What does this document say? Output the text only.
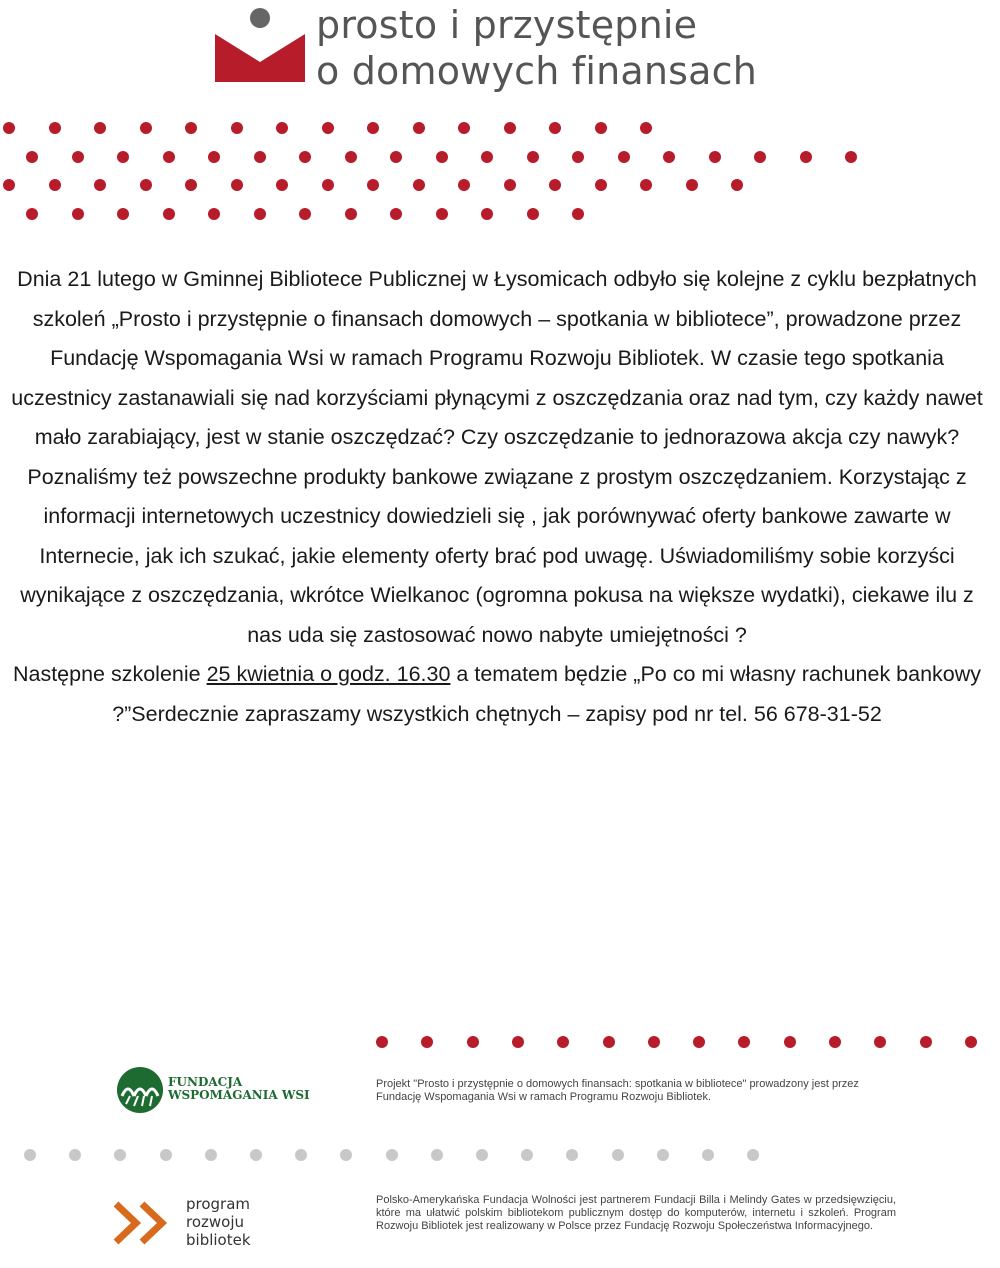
prosto i przystępnie
o domowych finansach

Dnia 21 lutego w Gminnej Bibliotece Publicznej w Łysomicach odbyło się kolejne z cyklu bezpłatnych szkoleń „Prosto i przystępnie o finansach domowych – spotkania w bibliotece”, prowadzone przez Fundację Wspomagania Wsi w ramach Programu Rozwoju Bibliotek. W czasie tego spotkania uczestnicy zastanawiali się nad korzyściami płynącymi z oszczędzania oraz nad tym, czy każdy nawet mało zarabiający, jest w stanie oszczędzać? Czy oszczędzanie to jednorazowa akcja czy nawyk?

Poznaliśmy też powszechne produkty bankowe związane z prostym oszczędzaniem. Korzystając z informacji internetowych uczestnicy dowiedzieli się , jak porównywać oferty bankowe zawarte w Internecie, jak ich szukać, jakie elementy oferty brać pod uwagę. Uświadomiliśmy sobie korzyści wynikające z oszczędzania, wkrótce Wielkanoc (ogromna pokusa na większe wydatki), ciekawe ilu z nas uda się zastosować nowo nabyte umiejętności ?

Następne szkolenie 25 kwietnia o godz. 16.30 a tematem będzie „Po co mi własny rachunek bankowy ?”Serdecznie zapraszamy wszystkich chętnych – zapisy pod nr tel. 56 678-31-52

FUNDACJA
WSPOMAGANIA WSI
Projekt "Prosto i przystępnie o domowych finansach: spotkania w bibliotece" prowadzony jest przez Fundację Wspomagania Wsi w ramach Programu Rozwoju Bibliotek.
program
rozwoju
bibliotek
Polsko-Amerykańska Fundacja Wolności jest partnerem Fundacji Billa i Melindy Gates w przedsięwzięciu, które ma ułatwić polskim bibliotekom publicznym dostęp do komputerów, internetu i szkoleń. Program Rozwoju Bibliotek jest realizowany w Polsce przez Fundację Rozwoju Społeczeństwa Informacyjnego.
